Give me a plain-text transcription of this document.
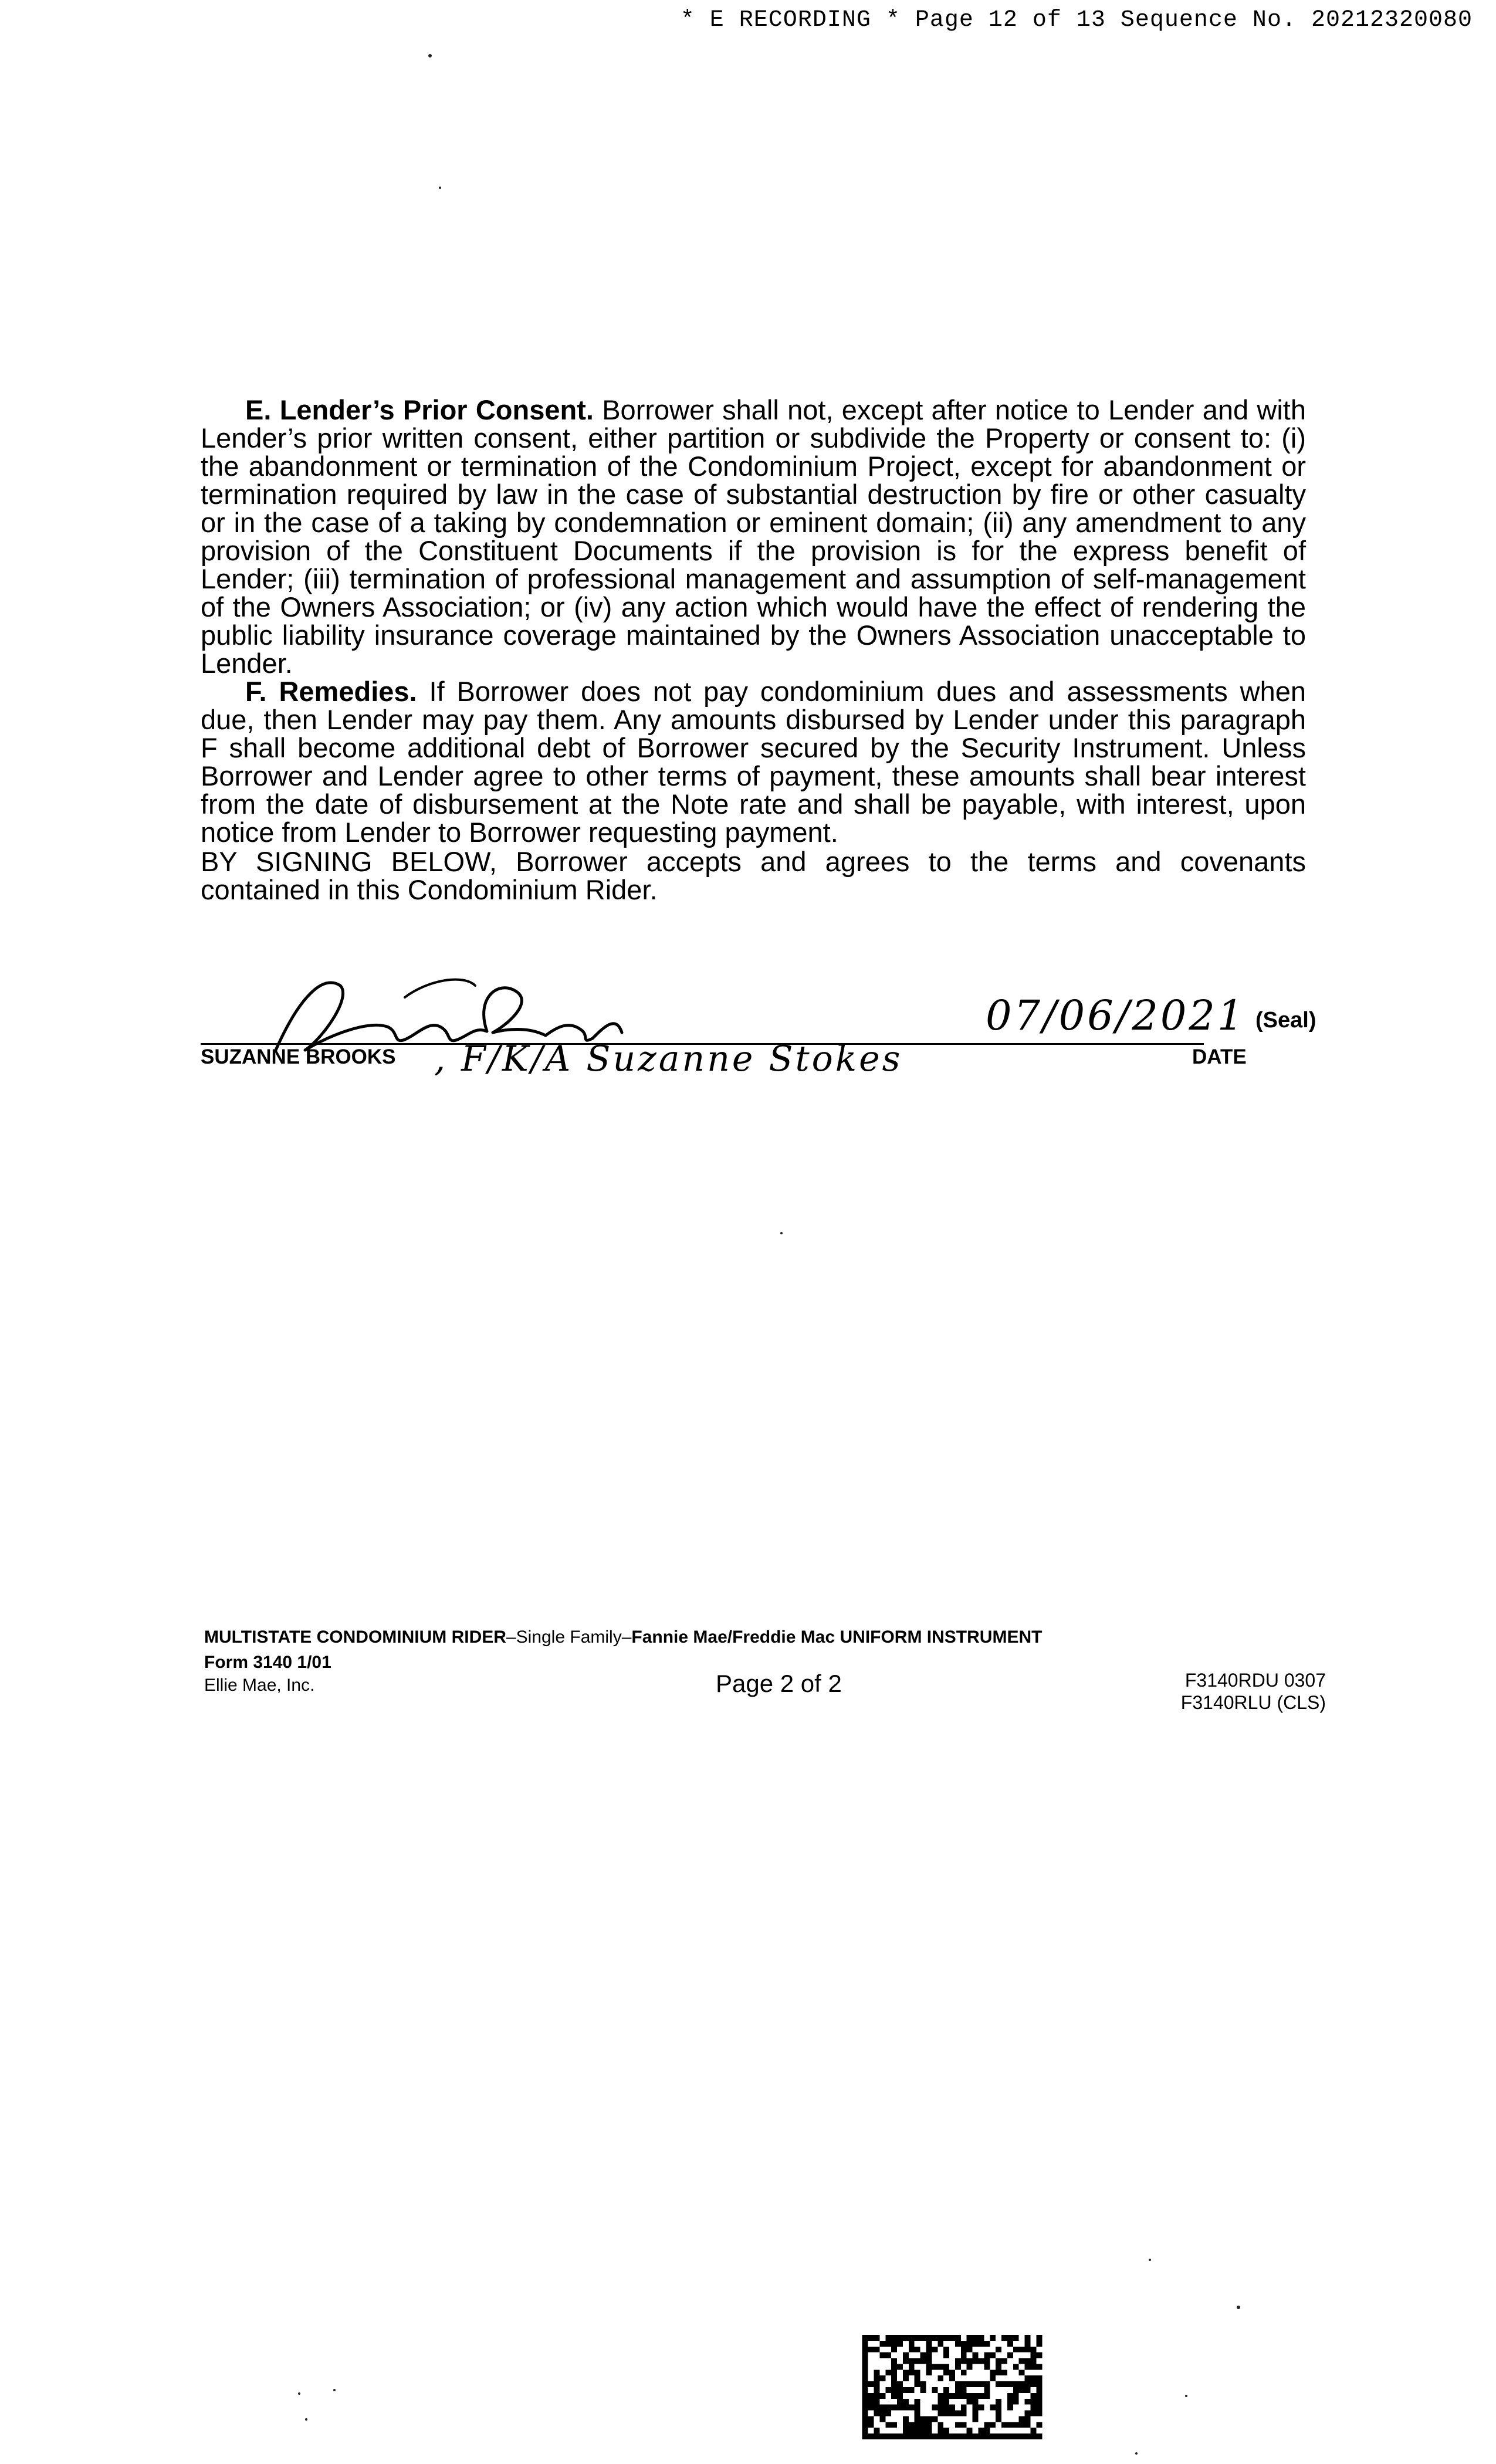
* E RECORDING * Page 12 of 13 Sequence No. 20212320080

E. Lender’s Prior Consent. Borrower shall not, except after notice to Lender and with Lender’s prior written consent, either partition or subdivide the Property or consent to: (i) the abandonment or termination of the Condominium Project, except for abandonment or termination required by law in the case of substantial destruction by fire or other casualty or in the case of a taking by condemnation or eminent domain; (ii) any amendment to any provision of the Constituent Documents if the provision is for the express benefit of Lender; (iii) termination of professional management and assumption of self-management of the Owners Association; or (iv) any action which would have the effect of rendering the public liability insurance coverage maintained by the Owners Association unacceptable to Lender.

F. Remedies. If Borrower does not pay condominium dues and assessments when due, then Lender may pay them. Any amounts disbursed by Lender under this paragraph F shall become additional debt of Borrower secured by the Security Instrument. Unless Borrower and Lender agree to other terms of payment, these amounts shall bear interest from the date of disbursement at the Note rate and shall be payable, with interest, upon notice from Lender to Borrower requesting payment.

BY SIGNING BELOW, Borrower accepts and agrees to the terms and covenants contained in this Condominium Rider.
SUZANNE BROOKS , F/K/A Suzanne Stokes
07/06/2021
DATE
(Seal)
MULTISTATE CONDOMINIUM RIDER–Single Family–Fannie Mae/Freddie Mac UNIFORM INSTRUMENT
Form 3140 1/01
Ellie Mae, Inc.	Page 2 of 2	F3140RDU 0307
F3140RLU (CLS)
